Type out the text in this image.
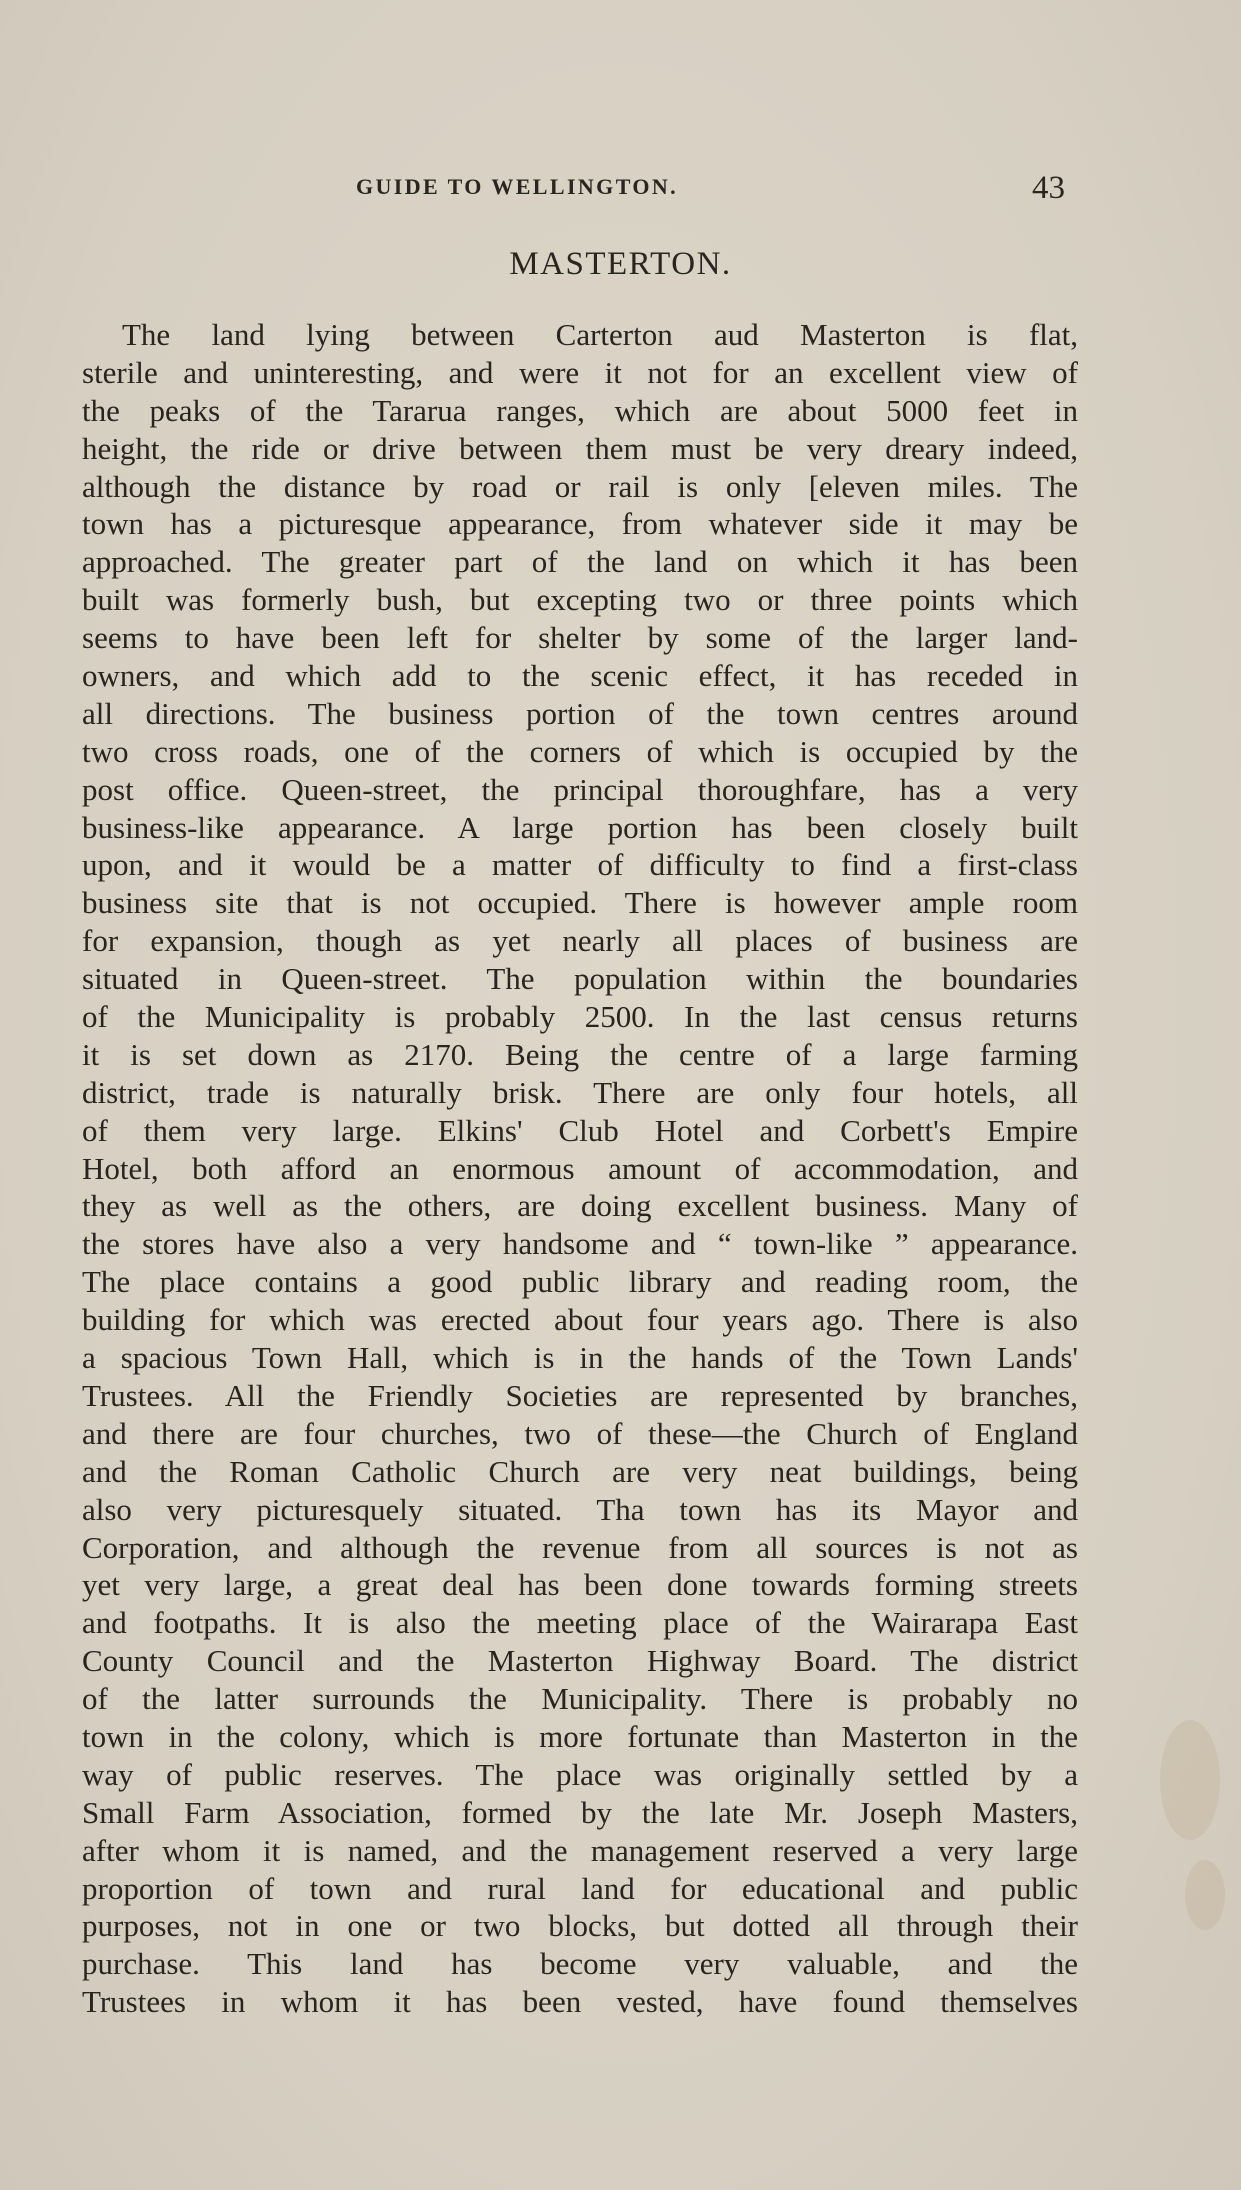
GUIDE TO WELLINGTON.	43
MASTERTON.
The land lying between Carterton aud Masterton is flat,
sterile and uninteresting, and were it not for an excellent view of
the peaks of the Tararua ranges, which are about 5000 feet in
height, the ride or drive between them must be very dreary indeed,
although the distance by road or rail is only [eleven miles. The
town has a picturesque appearance, from whatever side it may be
approached. The greater part of the land on which it has been
built was formerly bush, but excepting two or three points which
seems to have been left for shelter by some of the larger land-
owners, and which add to the scenic effect, it has receded in
all directions. The business portion of the town centres around
two cross roads, one of the corners of which is occupied by the
post office. Queen-street, the principal thoroughfare, has a very
business-like appearance. A large portion has been closely built
upon, and it would be a matter of difficulty to find a first-class
business site that is not occupied. There is however ample room
for expansion, though as yet nearly all places of business are
situated in Queen-street. The population within the boundaries
of the Municipality is probably 2500. In the last census returns
it is set down as 2170. Being the centre of a large farming
district, trade is naturally brisk. There are only four hotels, all
of them very large. Elkins' Club Hotel and Corbett's Empire
Hotel, both afford an enormous amount of accommodation, and
they as well as the others, are doing excellent business. Many of
the stores have also a very handsome and “ town-like ” appearance.
The place contains a good public library and reading room, the
building for which was erected about four years ago. There is also
a spacious Town Hall, which is in the hands of the Town Lands'
Trustees. All the Friendly Societies are represented by branches,
and there are four churches, two of these—the Church of England
and the Roman Catholic Church are very neat buildings, being
also very picturesquely situated. Tha town has its Mayor and
Corporation, and although the revenue from all sources is not as
yet very large, a great deal has been done towards forming streets
and footpaths. It is also the meeting place of the Wairarapa East
County Council and the Masterton Highway Board. The district
of the latter surrounds the Municipality. There is probably no
town in the colony, which is more fortunate than Masterton in the
way of public reserves. The place was originally settled by a
Small Farm Association, formed by the late Mr. Joseph Masters,
after whom it is named, and the management reserved a very large
proportion of town and rural land for educational and public
purposes, not in one or two blocks, but dotted all through their
purchase. This land has become very valuable, and the
Trustees in whom it has been vested, have found themselves
